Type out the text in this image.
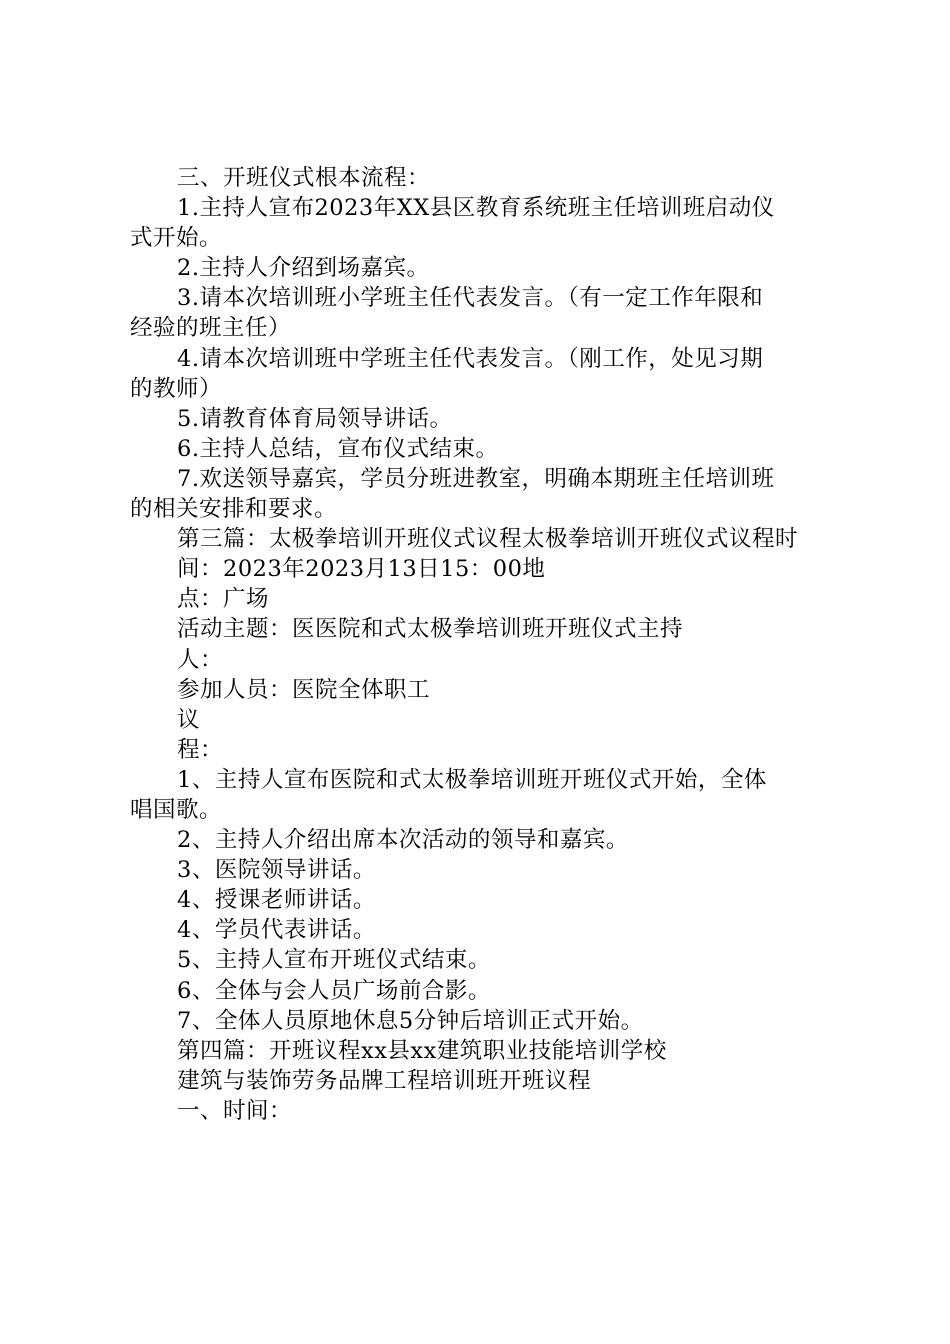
三、开班仪式根本流程：
1.主持人宣布2023年XX县区教育系统班主任培训班启动仪
式开始。
2.主持人介绍到场嘉宾。
3.请本次培训班小学班主任代表发言。（有一定工作年限和
经验的班主任）
4.请本次培训班中学班主任代表发言。（刚工作，处见习期
的教师）
5.请教育体育局领导讲话。
6.主持人总结，宣布仪式结束。
7.欢送领导嘉宾，学员分班进教室，明确本期班主任培训班
的相关安排和要求。
第三篇：太极拳培训开班仪式议程太极拳培训开班仪式议程时
间：2023年2023月13日15：00地
点：广场
活动主题：医医院和式太极拳培训班开班仪式主持
人：
参加人员：医院全体职工
议
程：
1、主持人宣布医院和式太极拳培训班开班仪式开始，全体
唱国歌。
2、主持人介绍出席本次活动的领导和嘉宾。
3、医院领导讲话。
4、授课老师讲话。
4、学员代表讲话。
5、主持人宣布开班仪式结束。
6、全体与会人员广场前合影。
7、全体人员原地休息5分钟后培训正式开始。
第四篇：开班议程xx县xx建筑职业技能培训学校
建筑与装饰劳务品牌工程培训班开班议程
一、时间：
